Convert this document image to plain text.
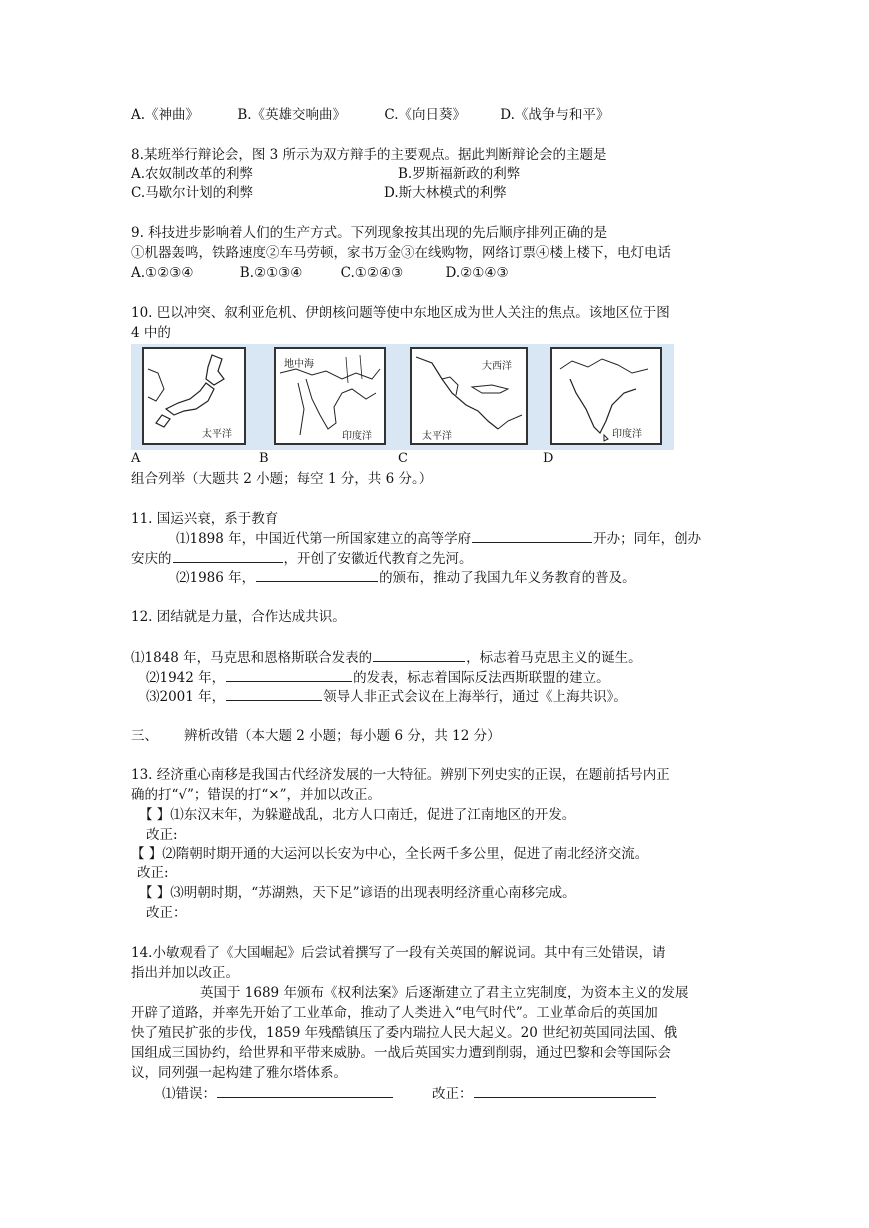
A.《神曲》	B.《英雄交响曲》	C.《向日葵》	D.《战争与和平》
8.某班举行辩论会，图 3 所示为双方辩手的主要观点。据此判断辩论会的主题是
A.农奴制改革的利弊	B.罗斯福新政的利弊
C.马歇尔计划的利弊	D.斯大林模式的利弊
9. 科技进步影响着人们的生产方式。下列现象按其出现的先后顺序排列正确的是
①机器轰鸣，铁路速度②车马劳顿，家书万金③在线购物，网络订票④楼上楼下，电灯电话
A.①②③④	B.②①③④	C.①②④③	D.②①④③
10. 巴以冲突、叙利亚危机、伊朗核问题等使中东地区成为世人关注的焦点。该地区位于图
4 中的
太平洋
地中海
印度洋
大西洋
太平洋	印度洋
A	B	C	D
组合列举（大题共 2 小题；每空 1 分，共 6 分。）
11. 国运兴衰，系于教育
⑴1898 年，中国近代第一所国家建立的高等学府	开办；同年，创办
安庆的	，开创了安徽近代教育之先河。
⑵1986 年，	的颁布，推动了我国九年义务教育的普及。
12. 团结就是力量，合作达成共识。
⑴1848 年，马克思和恩格斯联合发表的	，标志着马克思主义的诞生。
⑵1942 年，	的发表，标志着国际反法西斯联盟的建立。
⑶2001 年，	领导人非正式会议在上海举行，通过《上海共识》。
三、 辨析改错（本大题 2 小题；每小题 6 分，共 12 分）
13. 经济重心南移是我国古代经济发展的一大特征。辨别下列史实的正误，在题前括号内正
确的打“√”；错误的打“×”，并加以改正。
【 】⑴东汉末年，为躲避战乱，北方人口南迁，促进了江南地区的开发。
改正:
【 】⑵隋朝时期开通的大运河以长安为中心，全长两千多公里，促进了南北经济交流。
改正:
【 】⑶明朝时期，“苏湖熟，天下足”谚语的出现表明经济重心南移完成。
改正：
14.小敏观看了《大国崛起》后尝试着撰写了一段有关英国的解说词。其中有三处错误，请
指出并加以改正。
英国于 1689 年颁布《权利法案》后逐渐建立了君主立宪制度，为资本主义的发展
开辟了道路，并率先开始了工业革命，推动了人类进入“电气时代”。工业革命后的英国加
快了殖民扩张的步伐，1859 年残酷镇压了委内瑞拉人民大起义。20 世纪初英国同法国、俄
国组成三国协约，给世界和平带来威胁。一战后英国实力遭到削弱，通过巴黎和会等国际会
议，同列强一起构建了雅尔塔体系。
⑴错误：	改正：
